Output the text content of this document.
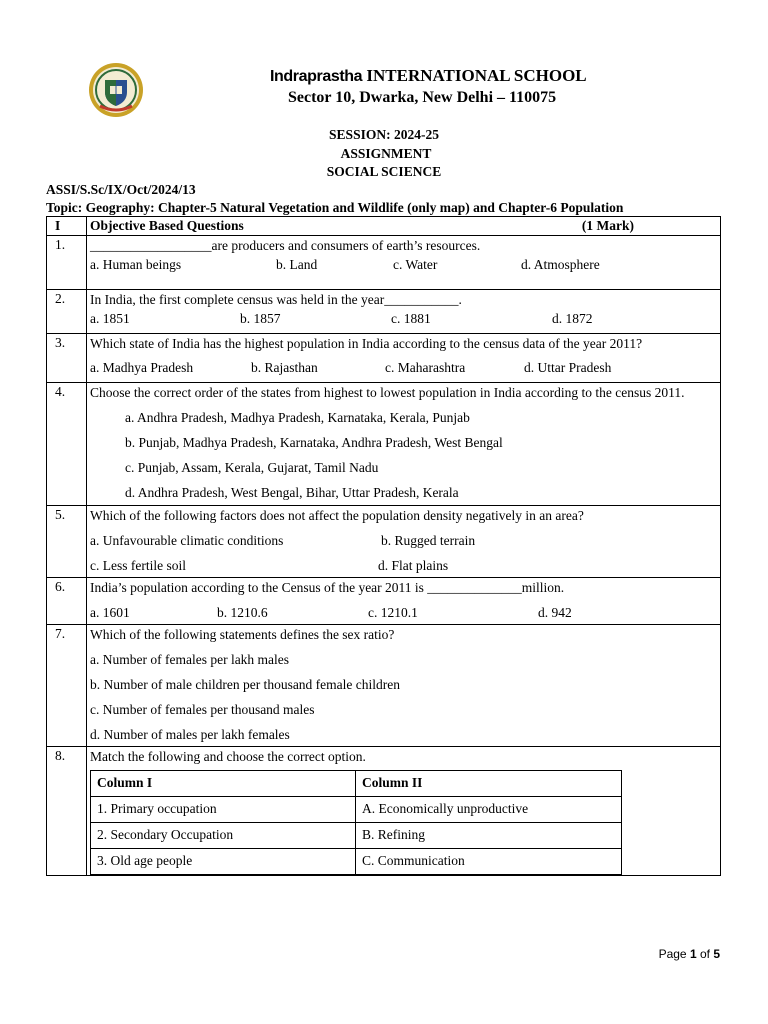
Indraprastha INTERNATIONAL SCHOOL
Sector 10, Dwarka, New Delhi – 110075
SESSION: 2024-25
ASSIGNMENT
SOCIAL SCIENCE
ASSI/S.Sc/IX/Oct/2024/13
Topic: Geography: Chapter-5 Natural Vegetation and Wildlife (only map) and Chapter-6 Population
I	Objective Based Questions	(1 Mark)

1.	__________________are producers and consumers of earth’s resources.
a. Human beings	b. Land	c. Water	d. Atmosphere

2.	In India, the first complete census was held in the year___________.
a. 1851	b. 1857	c. 1881	d. 1872

3.	Which state of India has the highest population in India according to the census data of the year 2011?
a. Madhya Pradesh	b. Rajasthan	c. Maharashtra	d. Uttar Pradesh

4.	Choose the correct order of the states from highest to lowest population in India according to the census 2011.
a. Andhra Pradesh, Madhya Pradesh, Karnataka, Kerala, Punjab
b. Punjab, Madhya Pradesh, Karnataka, Andhra Pradesh, West Bengal
c. Punjab, Assam, Kerala, Gujarat, Tamil Nadu
d. Andhra Pradesh, West Bengal, Bihar, Uttar Pradesh, Kerala

5.	Which of the following factors does not affect the population density negatively in an area?
a. Unfavourable climatic conditions	b. Rugged terrain
c. Less fertile soil	d. Flat plains

6.	India’s population according to the Census of the year 2011 is ______________million.
a. 1601	b. 1210.6	c. 1210.1	d. 942

7.	Which of the following statements defines the sex ratio?
a. Number of females per lakh males
b. Number of male children per thousand female children
c. Number of females per thousand males
d. Number of males per lakh females

8.	Match the following and choose the correct option.
Column I	Column II
1. Primary occupation	A. Economically unproductive
2. Secondary Occupation	B. Refining
3. Old age people	C. Communication
Page 1 of 5
